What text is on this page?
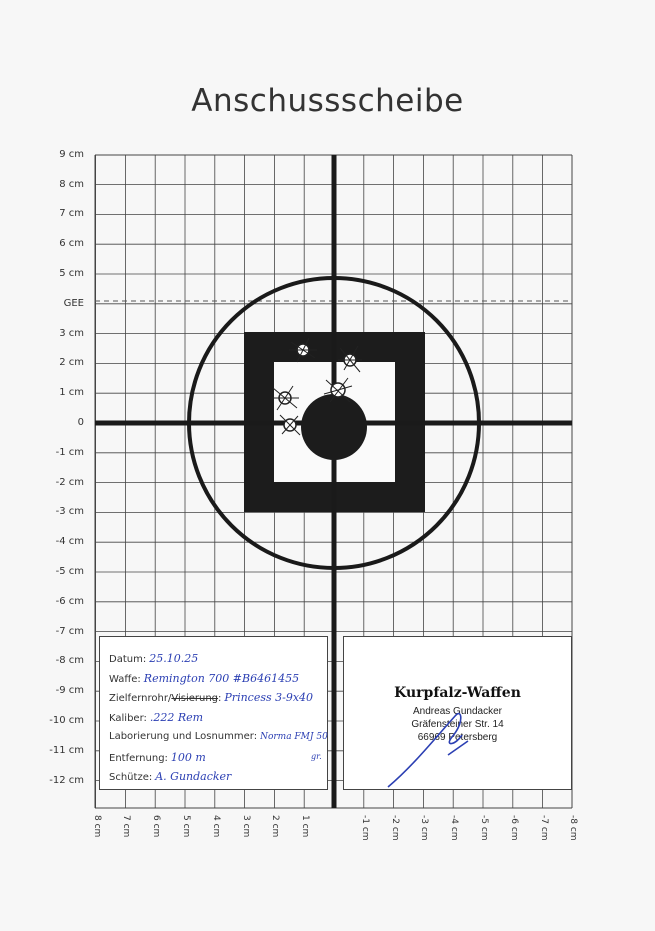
Anschussscheibe
9 cm
8 cm
7 cm
6 cm
5 cm
GEE
3 cm
2 cm
1 cm
0
-1 cm
-2 cm
-3 cm
-4 cm
-5 cm
-6 cm
-7 cm
-8 cm
-9 cm
-10 cm
-11 cm
-12 cm
8 cm 7 cm 6 cm 5 cm 4 cm 3 cm 2 cm 1 cm	-1 cm -2 cm -3 cm -4 cm -5 cm -6 cm -7 cm -8 cm
Datum: 25.10.25
Waffe: Remington 700 #B6461455
Zielfernrohr/Visierung: Princess 3-9x40
Kaliber: .222 Rem
Laborierung und Losnummer: Norma FMJ 50
gr.
Entfernung: 100 m
Schütze: A. Gundacker
Kurpfalz-Waffen
Andreas Gundacker
Gräfensteiner Str. 14
66969 Petersberg
